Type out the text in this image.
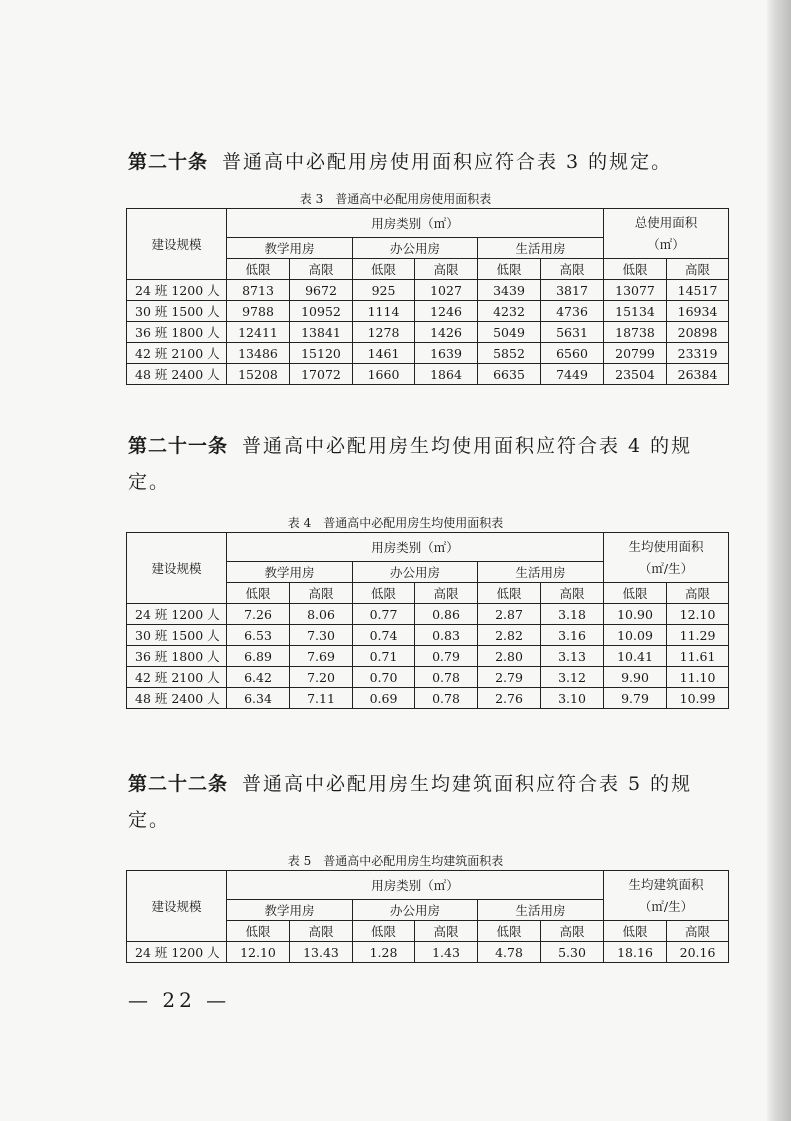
第二十条 普通高中必配用房使用面积应符合表 3 的规定。

表 3　普通高中必配用房使用面积表

建设规模	用房类别（㎡）						总使用面积
（㎡）	
	教学用房		办公用房		生活用房			
	低限	高限	低限	高限	低限	高限	低限	高限
24 班 1200 人	8713	9672	925	1027	3439	3817	13077	14517
30 班 1500 人	9788	10952	1114	1246	4232	4736	15134	16934
36 班 1800 人	12411	13841	1278	1426	5049	5631	18738	20898
42 班 2100 人	13486	15120	1461	1639	5852	6560	20799	23319
48 班 2400 人	15208	17072	1660	1864	6635	7449	23504	26384

第二十一条 普通高中必配用房生均使用面积应符合表 4 的规定。

表 4　普通高中必配用房生均使用面积表

建设规模	用房类别（㎡）						生均使用面积
（㎡/生）	
	教学用房		办公用房		生活用房			
	低限	高限	低限	高限	低限	高限	低限	高限
24 班 1200 人	7.26	8.06	0.77	0.86	2.87	3.18	10.90	12.10
30 班 1500 人	6.53	7.30	0.74	0.83	2.82	3.16	10.09	11.29
36 班 1800 人	6.89	7.69	0.71	0.79	2.80	3.13	10.41	11.61
42 班 2100 人	6.42	7.20	0.70	0.78	2.79	3.12	9.90	11.10
48 班 2400 人	6.34	7.11	0.69	0.78	2.76	3.10	9.79	10.99

第二十二条 普通高中必配用房生均建筑面积应符合表 5 的规定。

表 5　普通高中必配用房生均建筑面积表

建设规模	用房类别（㎡）						生均建筑面积
（㎡/生）	
	教学用房		办公用房		生活用房			
	低限	高限	低限	高限	低限	高限	低限	高限
24 班 1200 人	12.10	13.43	1.28	1.43	4.78	5.30	18.16	20.16
— 22 —
